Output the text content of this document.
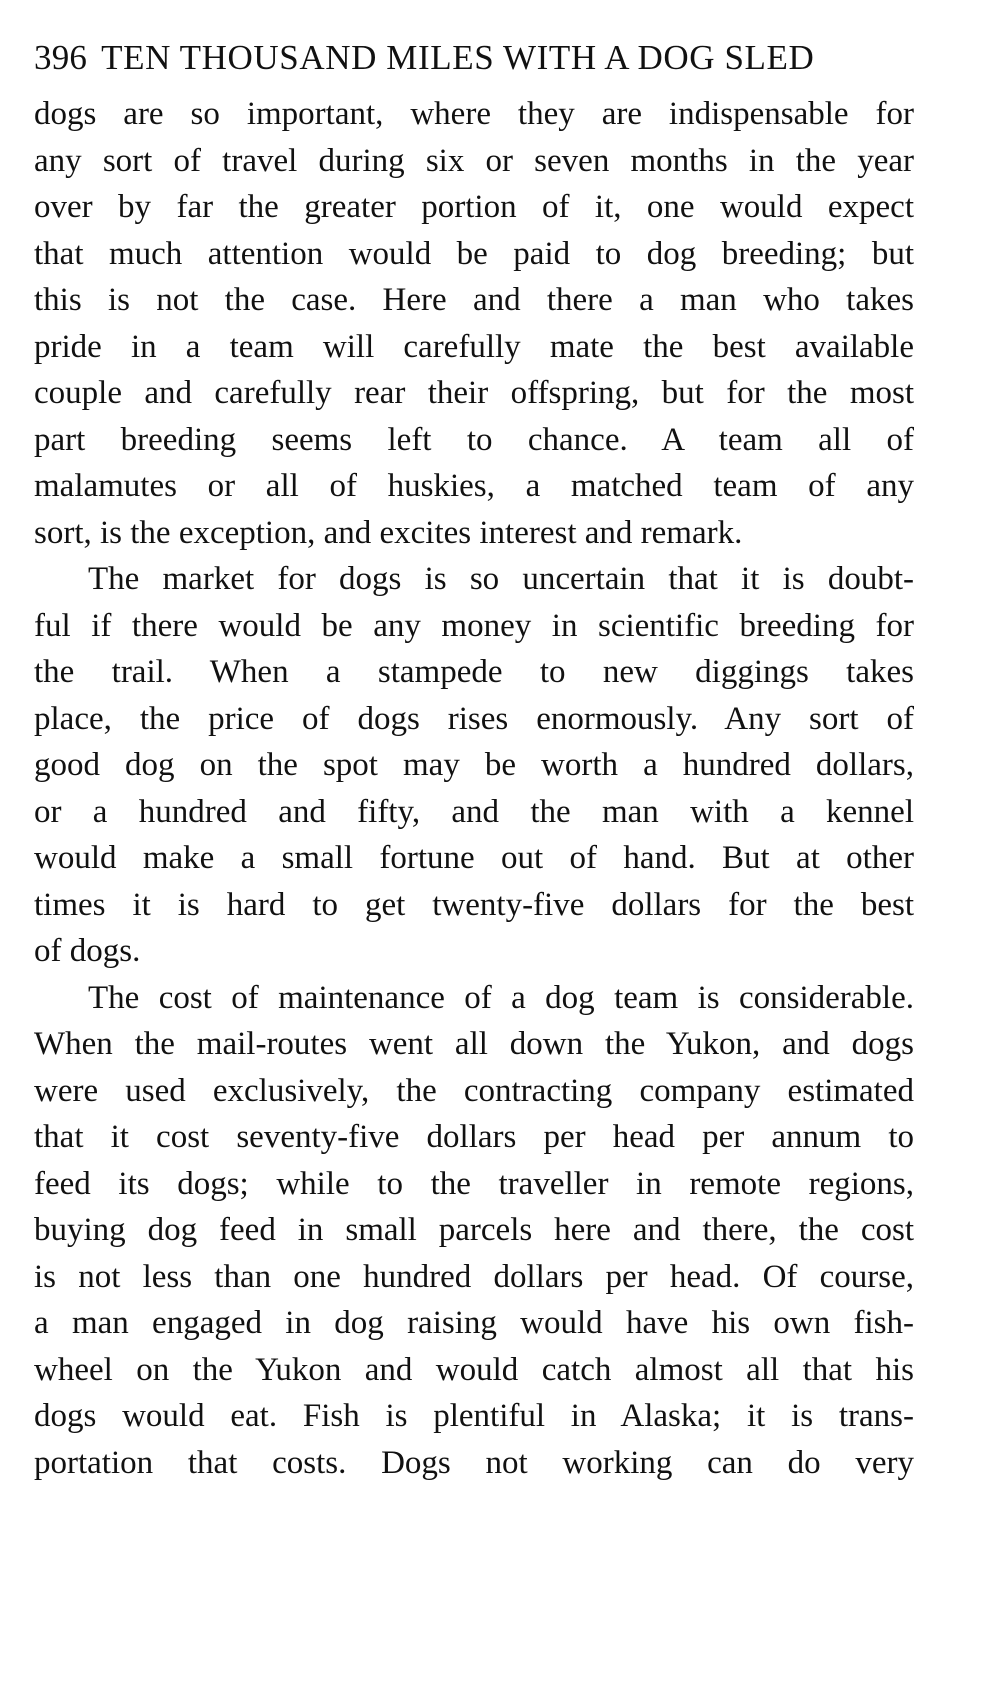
396 TEN THOUSAND MILES WITH A DOG SLED
dogs are so important, where they are indispensable for
any sort of travel during six or seven months in the year
over by far the greater portion of it, one would expect
that much attention would be paid to dog breeding; but
this is not the case. Here and there a man who takes
pride in a team will carefully mate the best available
couple and carefully rear their offspring, but for the most
part breeding seems left to chance. A team all of
malamutes or all of huskies, a matched team of any
sort, is the exception, and excites interest and remark.
The market for dogs is so uncertain that it is doubt-
ful if there would be any money in scientific breeding for
the trail. When a stampede to new diggings takes
place, the price of dogs rises enormously. Any sort of
good dog on the spot may be worth a hundred dollars,
or a hundred and fifty, and the man with a kennel
would make a small fortune out of hand. But at other
times it is hard to get twenty-five dollars for the best
of dogs.
The cost of maintenance of a dog team is considerable.
When the mail-routes went all down the Yukon, and dogs
were used exclusively, the contracting company estimated
that it cost seventy-five dollars per head per annum to
feed its dogs; while to the traveller in remote regions,
buying dog feed in small parcels here and there, the cost
is not less than one hundred dollars per head. Of course,
a man engaged in dog raising would have his own fish-
wheel on the Yukon and would catch almost all that his
dogs would eat. Fish is plentiful in Alaska; it is trans-
portation that costs. Dogs not working can do very
